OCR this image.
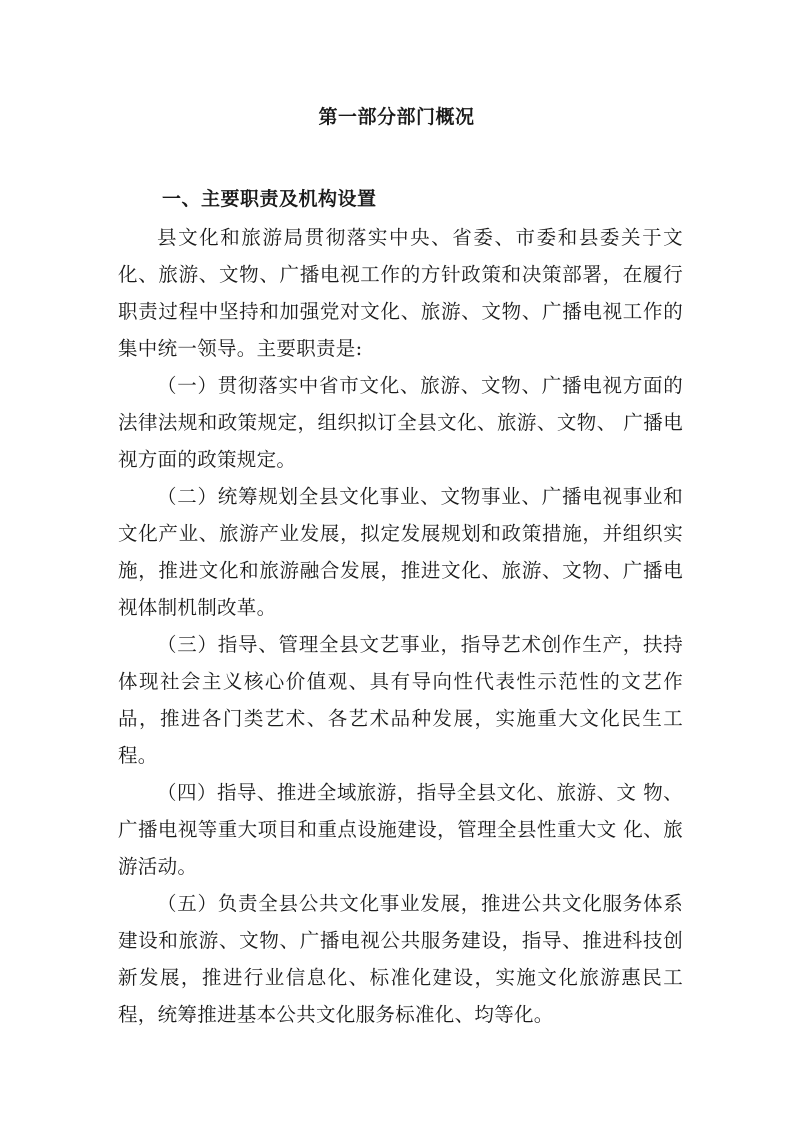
第一部分部门概况
一、主要职责及机构设置

县文化和旅游局贯彻落实中央、省委、市委和县委关于文化、旅游、文物、广播电视工作的方针政策和决策部署，在履行职责过程中坚持和加强党对文化、旅游、文物、广播电视工作的集中统一领导。主要职责是:

（一）贯彻落实中省市文化、旅游、文物、广播电视方面的法律法规和政策规定，组织拟订全县文化、旅游、文物、 广播电视方面的政策规定。

（二）统筹规划全县文化事业、文物事业、广播电视事业和文化产业、旅游产业发展，拟定发展规划和政策措施，并组织实施，推进文化和旅游融合发展，推进文化、旅游、文物、广播电视体制机制改革。

（三）指导、管理全县文艺事业，指导艺术创作生产，扶持体现社会主义核心价值观、具有导向性代表性示范性的文艺作品，推进各门类艺术、各艺术品种发展，实施重大文化民生工程。

（四）指导、推进全域旅游，指导全县文化、旅游、文 物、广播电视等重大项目和重点设施建设，管理全县性重大文 化、旅游活动。

（五）负责全县公共文化事业发展，推进公共文化服务体系建设和旅游、文物、广播电视公共服务建设，指导、推进科技创新发展，推进行业信息化、标准化建设，实施文化旅游惠民工程，统筹推进基本公共文化服务标准化、均等化。
